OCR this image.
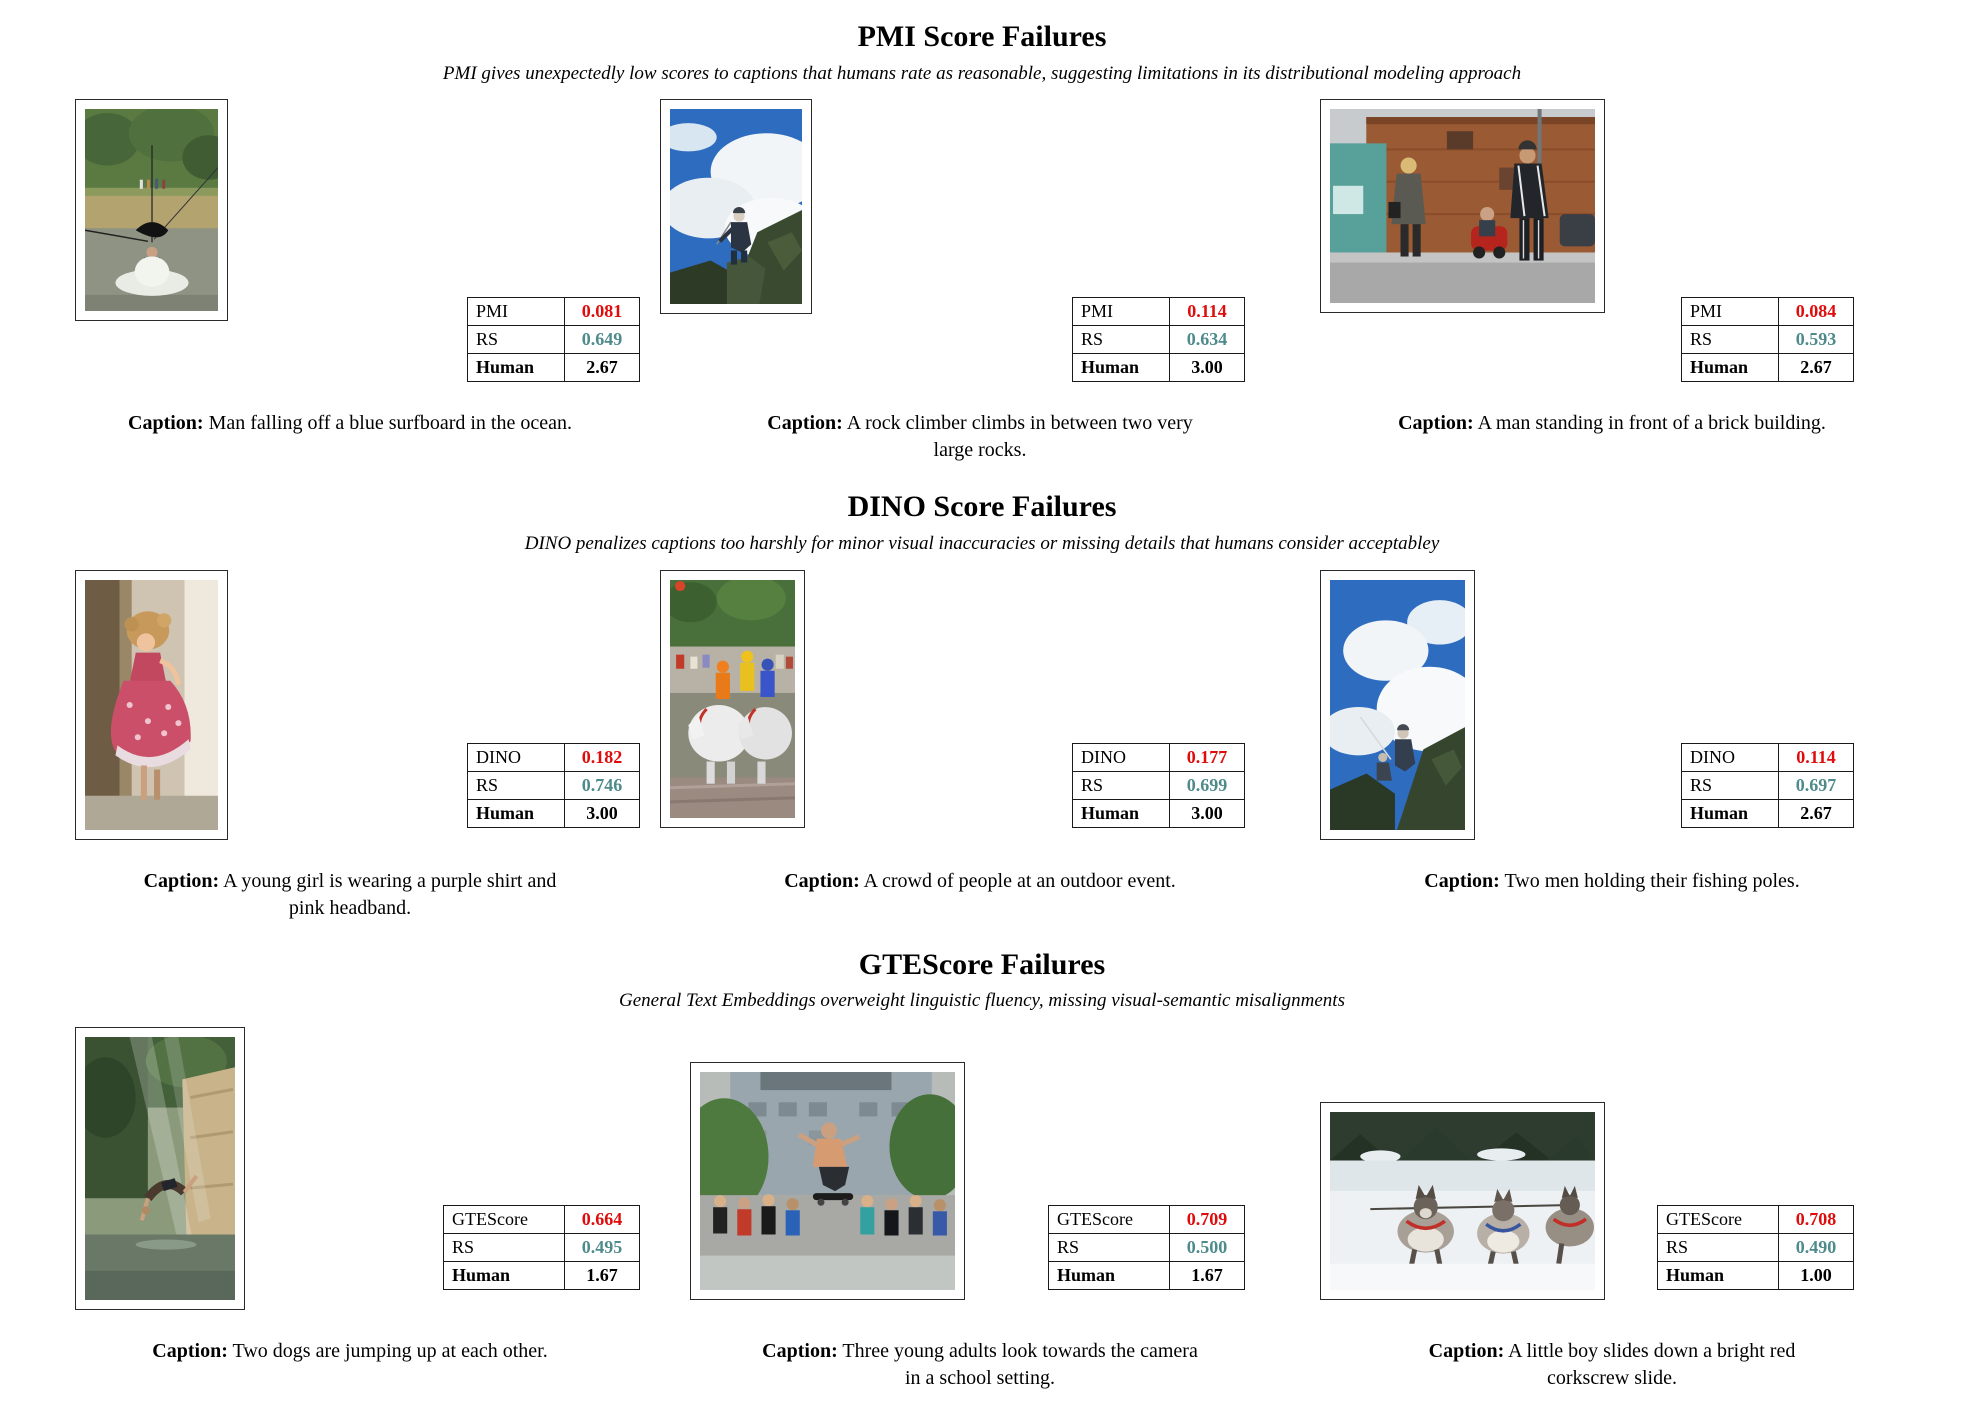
PMI Score Failures
PMI gives unexpectedly low scores to captions that humans rate as reasonable, suggesting limitations in its distributional modeling approach
PMI	0.081
RS	0.649
Human	2.67
Caption: Man falling off a blue surfboard in the ocean.
PMI	0.114
RS	0.634
Human	3.00
Caption: A rock climber climbs in between two very large rocks.
PMI	0.084
RS	0.593
Human	2.67
Caption: A man standing in front of a brick building.
DINO Score Failures
DINO penalizes captions too harshly for minor visual inaccuracies or missing details that humans consider acceptabley
DINO	0.182
RS	0.746
Human	3.00
Caption: A young girl is wearing a purple shirt and pink headband.
DINO	0.177
RS	0.699
Human	3.00
Caption: A crowd of people at an outdoor event.
DINO	0.114
RS	0.697
Human	2.67
Caption: Two men holding their fishing poles.
GTEScore Failures
General Text Embeddings overweight linguistic fluency, missing visual-semantic misalignments
GTEScore	0.664
RS	0.495
Human	1.67
Caption: Two dogs are jumping up at each other.
GTEScore	0.709
RS	0.500
Human	1.67
Caption: Three young adults look towards the camera in a school setting.
GTEScore	0.708
RS	0.490
Human	1.00
Caption: A little boy slides down a bright red corkscrew slide.
